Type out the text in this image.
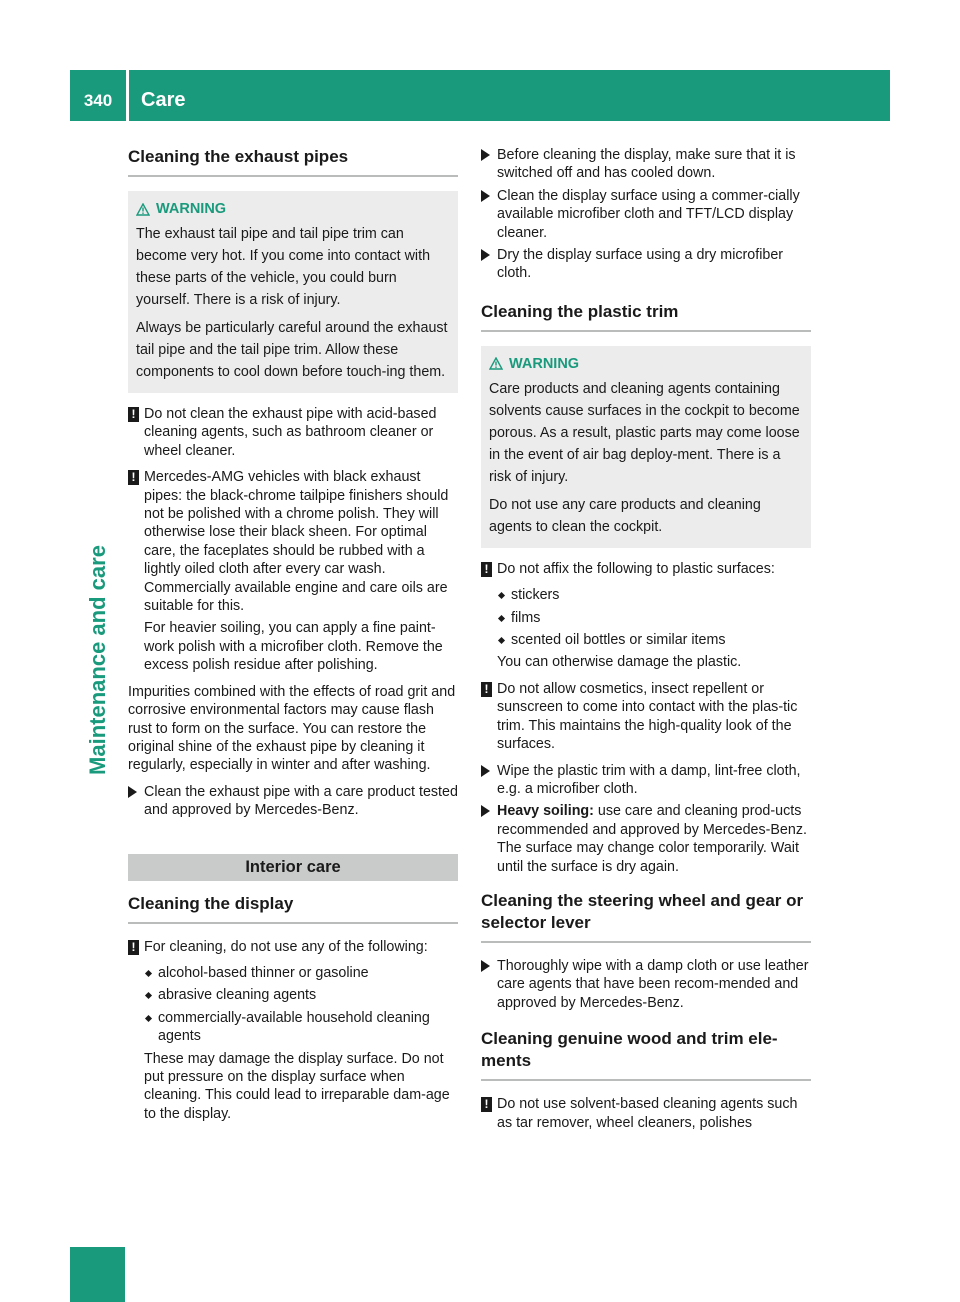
340	Care
Maintenance and care
Cleaning the exhaust pipes
WARNING

The exhaust tail pipe and tail pipe trim can become very hot. If you come into contact with these parts of the vehicle, you could burn yourself. There is a risk of injury.

Always be particularly careful around the exhaust tail pipe and the tail pipe trim. Allow these components to cool down before touch-ing them.

! Do not clean the exhaust pipe with acid-based cleaning agents, such as bathroom cleaner or wheel cleaner.
! Mercedes-AMG vehicles with black exhaust pipes: the black-chrome tailpipe finishers should not be polished with a chrome polish. They will otherwise lose their black sheen. For optimal care, the faceplates should be rubbed with a lightly oiled cloth after every car wash. Commercially available engine and care oils are suitable for this.
For heavier soiling, you can apply a fine paint-work polish with a microfiber cloth. Remove the excess polish residue after polishing.

Impurities combined with the effects of road grit and corrosive environmental factors may cause flash rust to form on the surface. You can restore the original shine of the exhaust pipe by cleaning it regularly, especially in winter and after washing.

Clean the exhaust pipe with a care product tested and approved by Mercedes-Benz.
Interior care
Cleaning the display
! For cleaning, do not use any of the following:
alcohol-based thinner or gasoline
abrasive cleaning agents
commercially-available household cleaning agents

These may damage the display surface. Do not put pressure on the display surface when cleaning. This could lead to irreparable dam-age to the display.

Before cleaning the display, make sure that it is switched off and has cooled down.
Clean the display surface using a commer-cially available microfiber cloth and TFT/LCD display cleaner.
Dry the display surface using a dry microfiber cloth.
Cleaning the plastic trim
WARNING

Care products and cleaning agents containing solvents cause surfaces in the cockpit to become porous. As a result, plastic parts may come loose in the event of air bag deploy-ment. There is a risk of injury.

Do not use any care products and cleaning agents to clean the cockpit.

! Do not affix the following to plastic surfaces:
stickers
films
scented oil bottles or similar items

You can otherwise damage the plastic.

! Do not allow cosmetics, insect repellent or sunscreen to come into contact with the plas-tic trim. This maintains the high-quality look of the surfaces.
Wipe the plastic trim with a damp, lint-free cloth, e.g. a microfiber cloth.
Heavy soiling: use care and cleaning prod-ucts recommended and approved by Mercedes-Benz.
The surface may change color temporarily. Wait until the surface is dry again.
Cleaning the steering wheel and gear or selector lever
Thoroughly wipe with a damp cloth or use leather care agents that have been recom-mended and approved by Mercedes-Benz.
Cleaning genuine wood and trim ele-ments
! Do not use solvent-based cleaning agents such as tar remover, wheel cleaners, polishes
